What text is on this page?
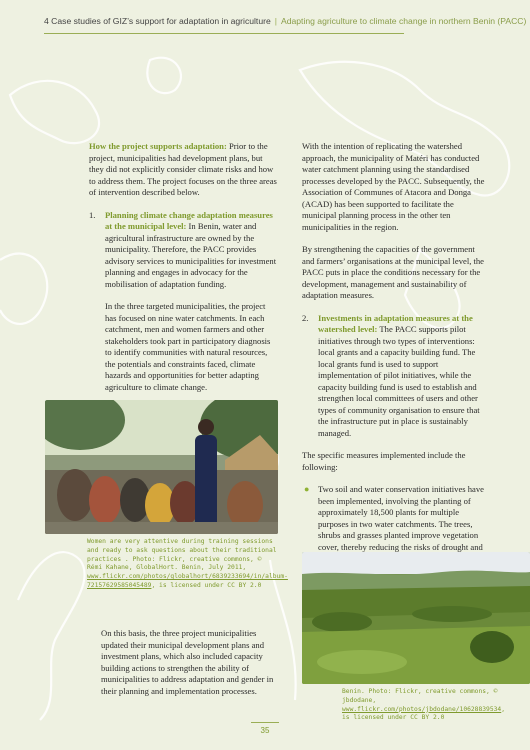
4 Case studies of GIZ’s support for adaptation in agriculture | Adapting agriculture to climate change in northern Benin (PACC)

How the project supports adaptation: Prior to the project, municipalities had development plans, but they did not explicitly consider climate risks and how to address them. The project focuses on the three areas of intervention described below.

1. Planning climate change adaptation measures at the municipal level: In Benin, water and agricultural infrastructure are owned by the municipality. Therefore, the PACC provides advisory services to municipalities for investment planning and engages in advocacy for the mobilisation of adaptation funding.

In the three targeted municipalities, the project has focused on nine water catchments. In each catchment, men and women farmers and other stakeholders took part in participatory diagnosis to identify communities with natural resources, the potentials and constraints faced, climate hazards and opportunities for better adapting agriculture to climate change.

Women are very attentive during training sessions and ready to ask questions about their traditional practices . Photo: Flickr, creative commons, © Rémi Kahane, GlobalHort. Benin, July 2011, www.flickr.com/photos/globalhort/6839233694/in/album-72157629585045489, is licensed under CC BY 2.0

On this basis, the three project municipalities updated their municipal development plans and investment plans, which also included capacity building actions to strengthen the ability of municipalities to address adaptation and gender in their planning and implementation processes.

With the intention of replicating the watershed approach, the municipality of Matéri has conducted water catchment planning using the standardised processes developed by the PACC. Subsequently, the Association of Communes of Atacora and Donga (ACAD) has been supported to facilitate the municipal planning process in the other ten municipalities in the region.

By strengthening the capacities of the government and farmers’ organisations at the municipal level, the PACC puts in place the conditions necessary for the development, management and sustainability of adaptation measures.

2. Investments in adaptation measures at the watershed level: The PACC supports pilot initiatives through two types of interventions: local grants and a capacity building fund. The local grants fund is used to support implementation of pilot initiatives, while the capacity building fund is used to establish and strengthen local committees of users and other types of community organisation to ensure that the infrastructure put in place is sustainably managed.

The specific measures implemented include the following:

● Two soil and water conservation initiatives have been implemented, involving the planting of approximately 18,500 plants for multiple purposes in two water catchments. The trees, shrubs and grasses planted improve vegetation cover, thereby reducing the risks of drought and

Benin. Photo: Flickr, creative commons, © jbdodane, www.flickr.com/photos/jbdodane/10628839534, is licensed under CC BY 2.0
35
